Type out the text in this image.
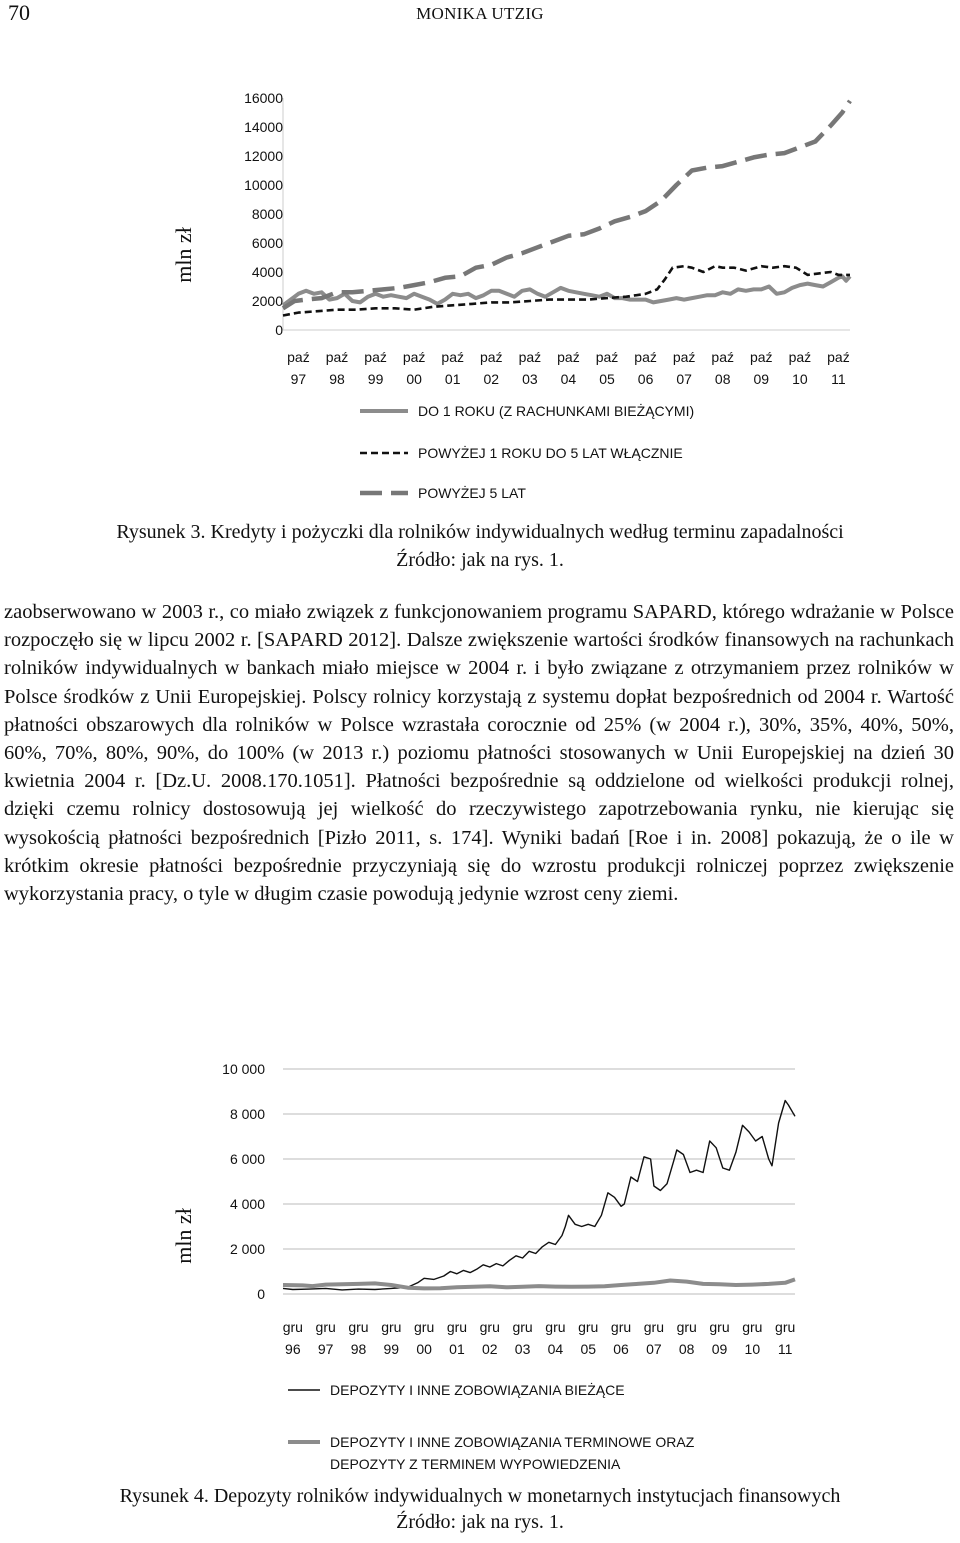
70	MONIKA UTZIG
mln zł
16000
14000
12000
10000
8000
6000
4000
2000
0
paź
97
paź
98
paź
99
paź
00
paź
01
paź
02
paź
03
paź
04
paź
05
paź
06
paź
07
paź
08
paź
09
paź
10
paź
11
DO 1 ROKU (Z RACHUNKAMI BIEŻĄCYMI)
POWYŻEJ 1 ROKU DO 5 LAT WŁĄCZNIE
POWYŻEJ 5 LAT
Rysunek 3. Kredyty i pożyczki dla rolników indywidualnych według terminu zapadalności
Źródło: jak na rys. 1.

zaobserwowano w 2003 r., co miało związek z funkcjonowaniem programu SAPARD, którego wdrażanie w Polsce rozpoczęło się w lipcu 2002 r. [SAPARD 2012]. Dalsze zwiększenie wartości środków finansowych na rachunkach rolników indywidualnych w bankach miało miejsce w 2004 r. i było związane z otrzymaniem przez rolników w Polsce środków z Unii Europejskiej. Polscy rolnicy korzystają z systemu dopłat bezpośrednich od 2004 r. Wartość płatności obszarowych dla rolników w Polsce wzrastała corocznie od 25% (w 2004 r.), 30%, 35%, 40%, 50%, 60%, 70%, 80%, 90%, do 100% (w 2013 r.) poziomu płatności stosowanych w Unii Europejskiej na dzień 30 kwietnia 2004 r. [Dz.U. 2008.170.1051]. Płatności bezpośrednie są oddzielone od wielkości produkcji rolnej, dzięki czemu rolnicy dostosowują jej wielkość do rzeczywistego zapotrzebowania rynku, nie kierując się wysokością płatności bezpośrednich [Pizło 2011, s. 174]. Wyniki badań [Roe i in. 2008] pokazują, że o ile w krótkim okresie płatności bezpośrednie przyczyniają się do wzrostu produkcji rolniczej poprzez zwiększenie wykorzystania pracy, o tyle w długim czasie powodują jedynie wzrost ceny ziemi.

mln zł
10 000
8 000
6 000
4 000
2 000
0
gru
96
gru
97
gru
98
gru
99
gru
00
gru
01
gru
02
gru
03
gru
04
gru
05
gru
06
gru
07
gru
08
gru
09
gru
10
gru
11
DEPOZYTY I INNE ZOBOWIĄZANIA BIEŻĄCE
DEPOZYTY I INNE ZOBOWIĄZANIA TERMINOWE ORAZ DEPOZYTY Z TERMINEM WYPOWIEDZENIA
Rysunek 4. Depozyty rolników indywidualnych w monetarnych instytucjach finansowych
Źródło: jak na rys. 1.
